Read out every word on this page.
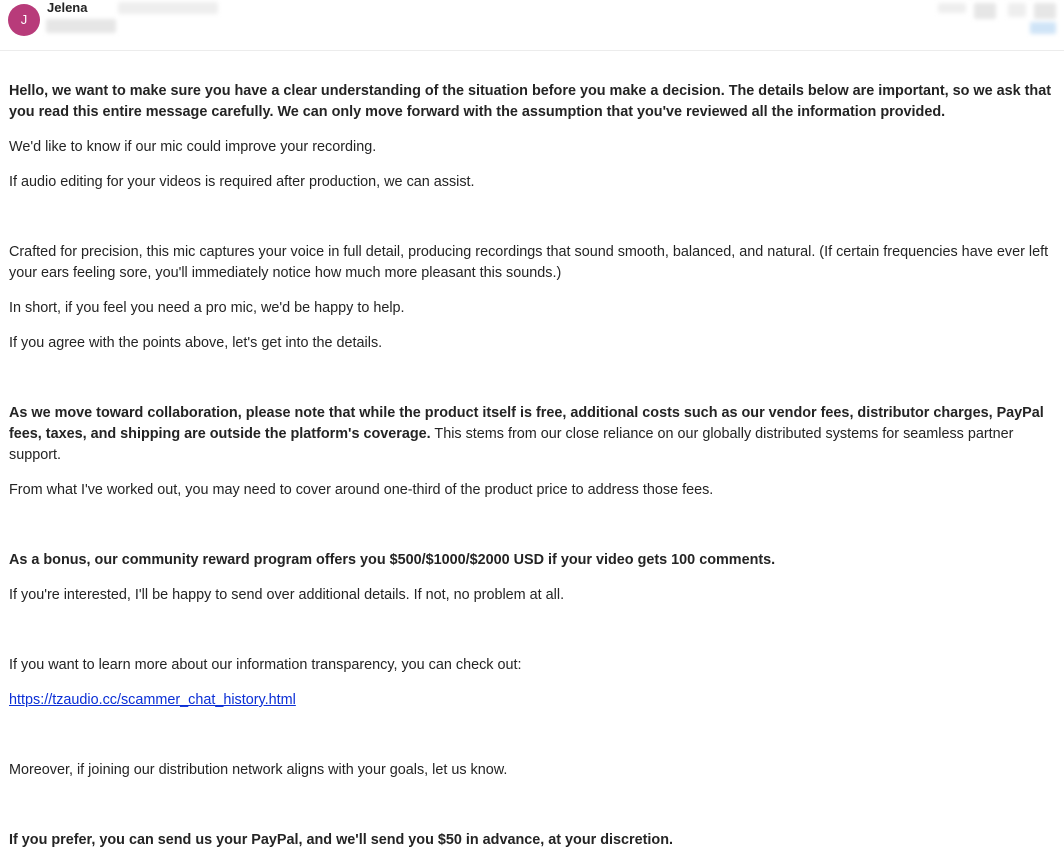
J
Jelena

Hello, we want to make sure you have a clear understanding of the situation before you make a decision. The details below are important, so we ask that you read this entire message carefully. We can only move forward with the assumption that you've reviewed all the information provided.

We'd like to know if our mic could improve your recording.

If audio editing for your videos is required after production, we can assist.

Crafted for precision, this mic captures your voice in full detail, producing recordings that sound smooth, balanced, and natural. (If certain frequencies have ever left your ears feeling sore, you'll immediately notice how much more pleasant this sounds.)

In short, if you feel you need a pro mic, we'd be happy to help.

If you agree with the points above, let's get into the details.

As we move toward collaboration, please note that while the product itself is free, additional costs such as our vendor fees, distributor charges, PayPal fees, taxes, and shipping are outside the platform's coverage. This stems from our close reliance on our globally distributed systems for seamless partner support.

From what I've worked out, you may need to cover around one-third of the product price to address those fees.

As a bonus, our community reward program offers you $500/$1000/$2000 USD if your video gets 100 comments.

If you're interested, I'll be happy to send over additional details. If not, no problem at all.

If you want to learn more about our information transparency, you can check out:

https://tzaudio.cc/scammer_chat_history.html

Moreover, if joining our distribution network aligns with your goals, let us know.

If you prefer, you can send us your PayPal, and we'll send you $50 in advance, at your discretion.
